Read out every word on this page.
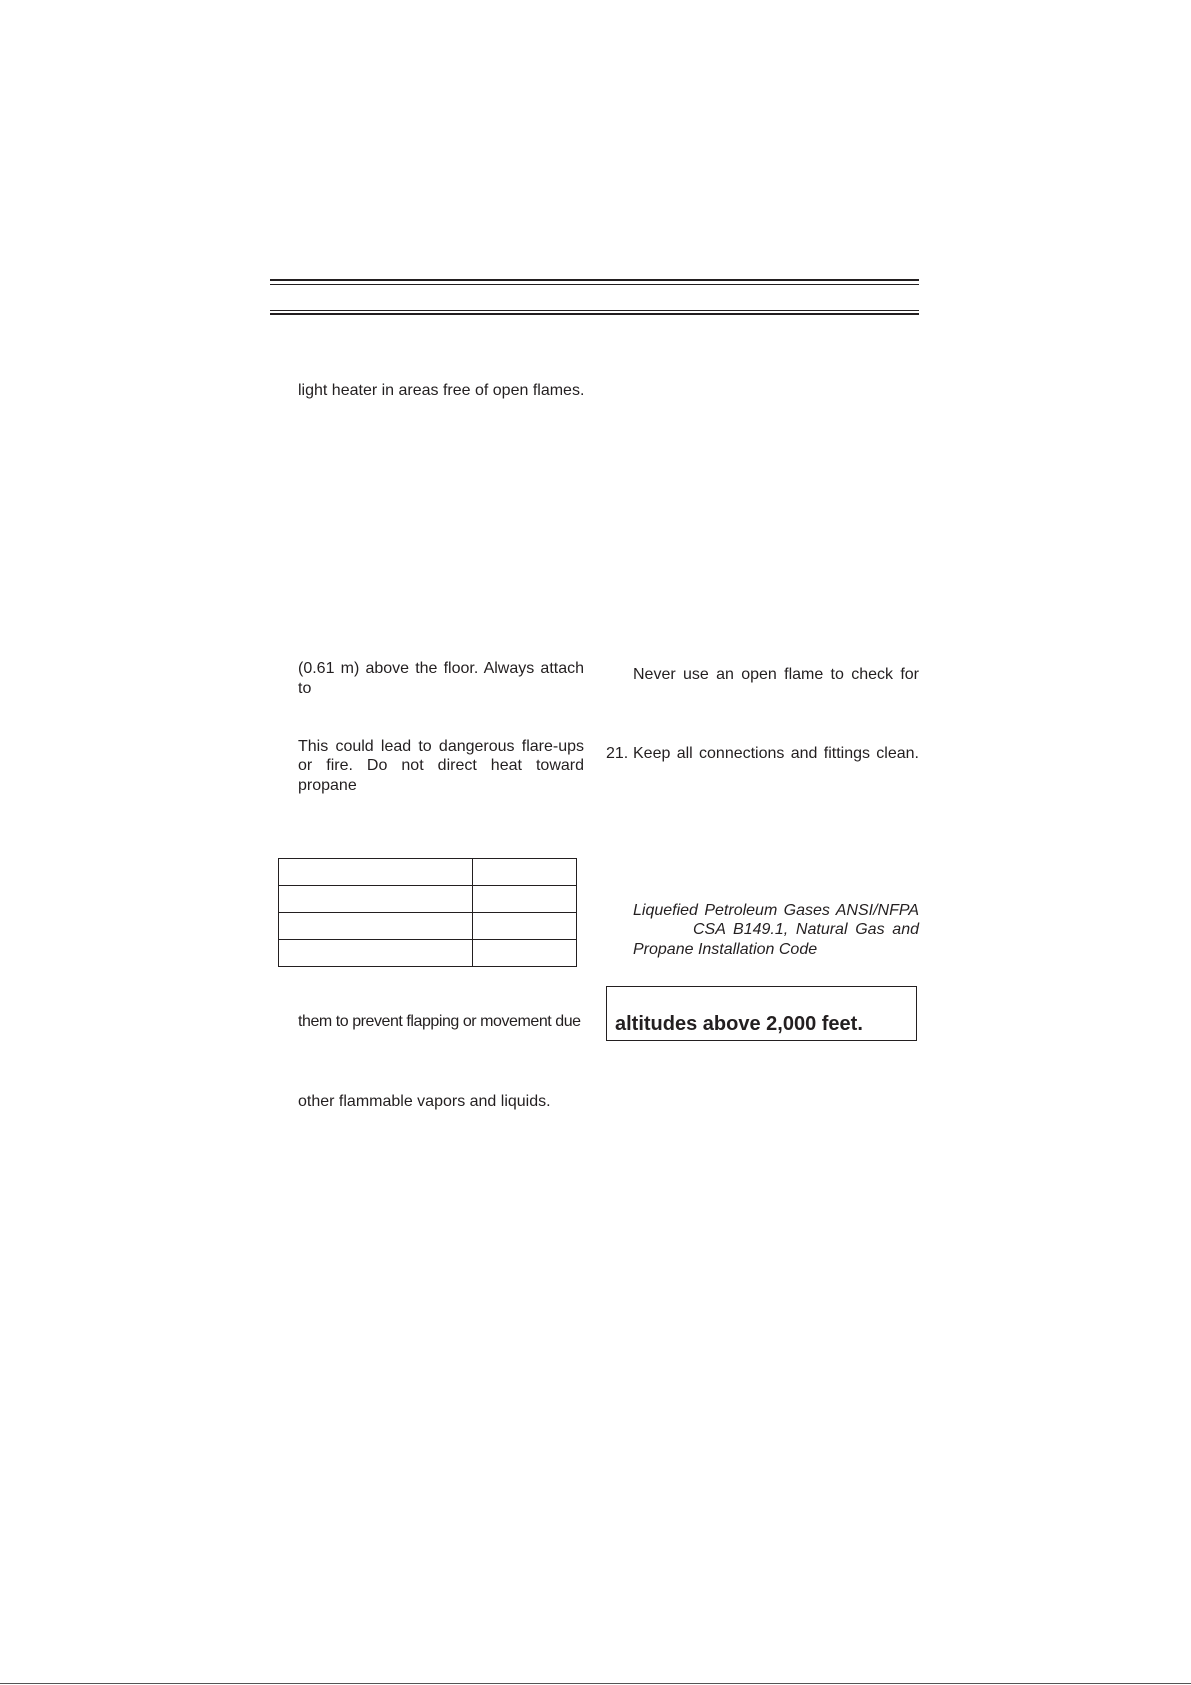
light heater in areas free of open flames.
(0.61 m) above the floor. Always attach to
This could lead to dangerous flare-ups
or fire. Do not direct heat toward propane

them to prevent flapping or movement due
other flammable vapors and liquids.
Never use an open flame to check for
21. Keep all connections and fittings clean.
Liquefied Petroleum Gases ANSI/NFPA
CSA B149.1, Natural Gas and
Propane Installation Code
altitudes above 2,000 feet.
